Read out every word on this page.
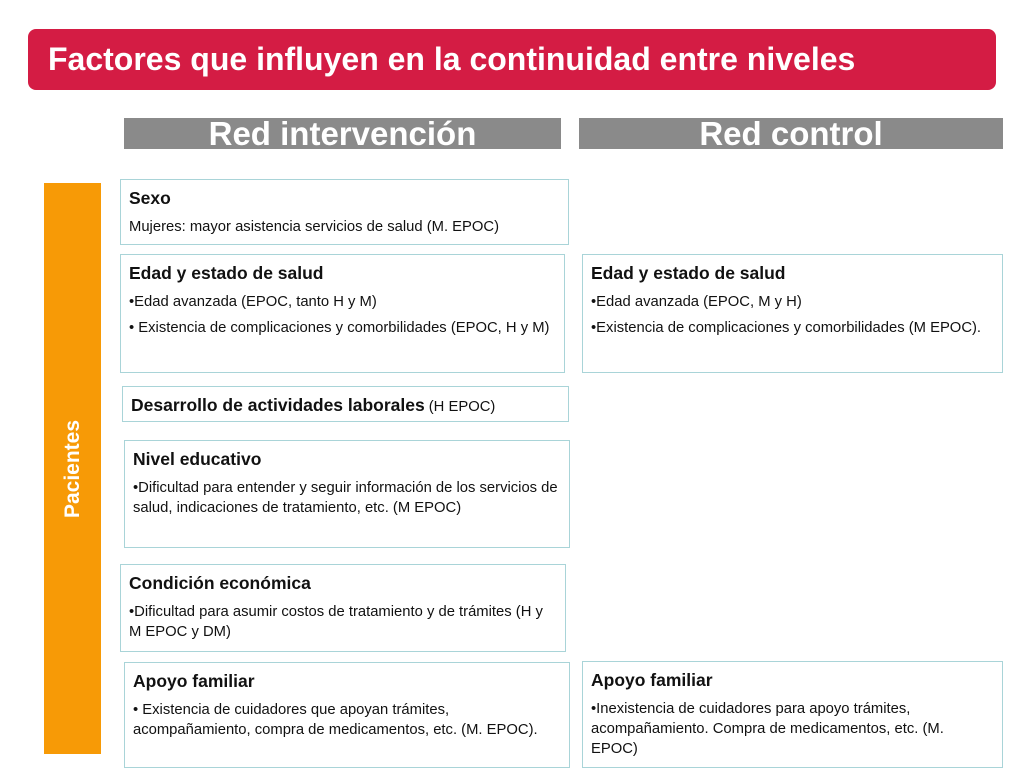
Factores que influyen en la continuidad entre niveles
Red intervención	Red control
Pacientes
Sexo
Mujeres: mayor asistencia servicios de salud (M. EPOC)
Edad y estado de salud
•Edad avanzada (EPOC, tanto H y M)
• Existencia de complicaciones y comorbilidades (EPOC, H y M)
Desarrollo de actividades laborales (H EPOC)
Nivel educativo
•Dificultad para entender y seguir información de los servicios de salud, indicaciones de tratamiento, etc. (M EPOC)
Condición económica
•Dificultad para asumir costos de tratamiento y de trámites (H y M EPOC y DM)
Apoyo familiar
• Existencia de cuidadores que apoyan trámites, acompañamiento, compra de medicamentos, etc. (M. EPOC).
Edad y estado de salud
•Edad avanzada (EPOC, M y H)
•Existencia de complicaciones y comorbilidades (M EPOC).
Apoyo familiar
•Inexistencia de cuidadores para apoyo trámites, acompañamiento. Compra de medicamentos, etc. (M. EPOC)
